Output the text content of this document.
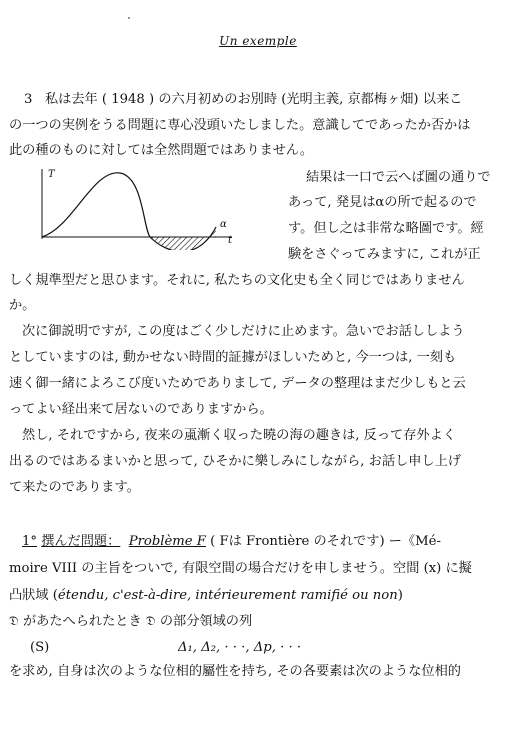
Un exemple
3 私は去年 ( 1948 ) の六月初めのお別時 (光明主義, 京都梅ヶ畑) 以来こ
の一つの実例をうる問題に専心没頭いたしました。意識してであったか否かは
此の種のものに対しては全然問題ではありません。
T
t
α
結果は一口で云へば圖の通りで
あって, 発見はαの所で起るので
す。但し之は非常な略圖です。經
験をさぐってみますに, これが正
しく規準型だと思ひます。それに, 私たちの文化史も全く同じではありません
か。
次に御説明ですが, この度はごく少しだけに止めます。急いでお話ししよう
としていますのは, 動かせない時間的証據がほしいためと, 今一つは, 一刻も
速く御一緒によろこび度いためでありまして, データの整理はまだ少しもと云
ってよい経出来て居ないのでありますから。
然し, それですから, 夜来の颪漸く収った曉の海の趣きは, 反って存外よく
出るのではあるまいかと思って, ひそかに樂しみにしながら, お話し申し上げ
て来たのであります。
1° 撰んだ問題： Problème F ( Fは Frontière のそれです) ー《Mé-
moire VIII の主旨をついで, 有限空間の場合だけを申しませう。空間 (x) に擬
凸狀域 (étendu, c'est-à-dire, intérieurement ramifié ou non)
𝔇 があたへられたとき 𝔇 の部分領域の列
(S)	Δ₁, Δ₂, · · ·, Δp, · · ·
を求め, 自身は次のような位相的屬性を持ち, その各要素は次のような位相的
